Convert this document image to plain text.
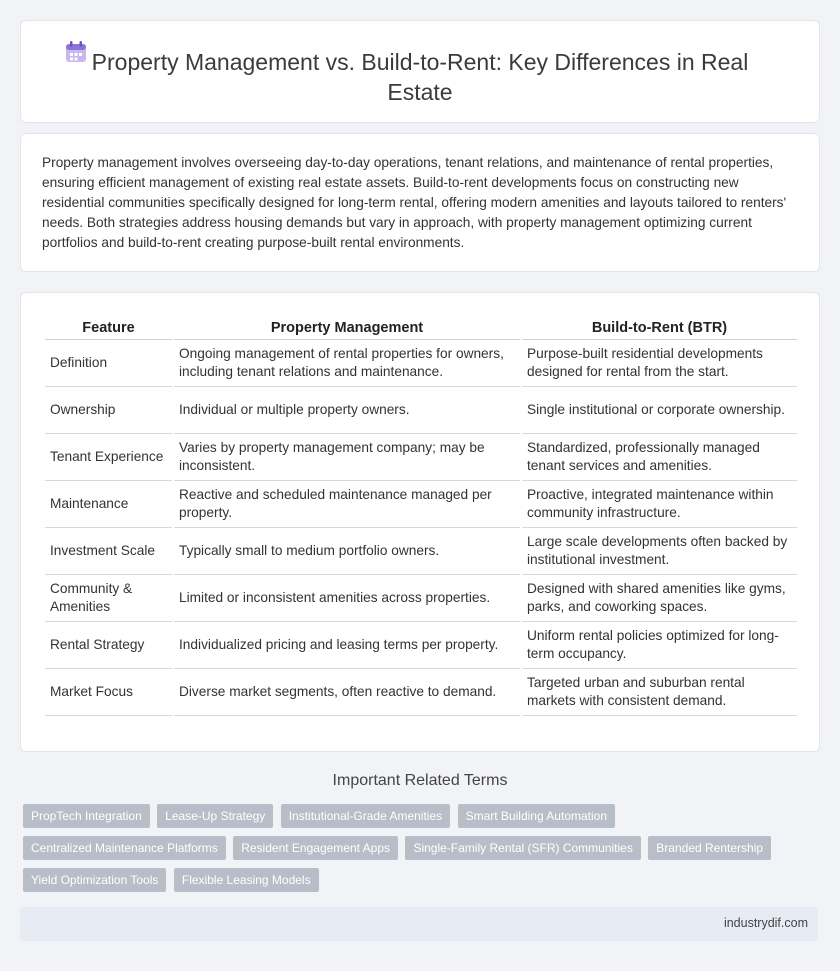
Property Management vs. Build-to-Rent: Key Differences in Real Estate

Property management involves overseeing day-to-day operations, tenant relations, and maintenance of rental properties, ensuring efficient management of existing real estate assets. Build-to-rent developments focus on constructing new residential communities specifically designed for long-term rental, offering modern amenities and layouts tailored to renters' needs. Both strategies address housing demands but vary in approach, with property management optimizing current portfolios and build-to-rent creating purpose-built rental environments.

Feature	Property Management	Build-to-Rent (BTR)
Definition	Ongoing management of rental properties for owners, including tenant relations and maintenance.	Purpose-built residential developments designed for rental from the start.
Ownership	Individual or multiple property owners.	Single institutional or corporate ownership.
Tenant Experience	Varies by property management company; may be inconsistent.	Standardized, professionally managed tenant services and amenities.
Maintenance	Reactive and scheduled maintenance managed per property.	Proactive, integrated maintenance within community infrastructure.
Investment Scale	Typically small to medium portfolio owners.	Large scale developments often backed by institutional investment.
Community & Amenities	Limited or inconsistent amenities across properties.	Designed with shared amenities like gyms, parks, and coworking spaces.
Rental Strategy	Individualized pricing and leasing terms per property.	Uniform rental policies optimized for long-term occupancy.
Market Focus	Diverse market segments, often reactive to demand.	Targeted urban and suburban rental markets with consistent demand.
Important Related Terms
PropTech Integration Lease-Up Strategy Institutional-Grade Amenities Smart Building Automation Centralized Maintenance Platforms Resident Engagement Apps Single-Family Rental (SFR) Communities Branded Rentership Yield Optimization Tools Flexible Leasing Models
industrydif.com
